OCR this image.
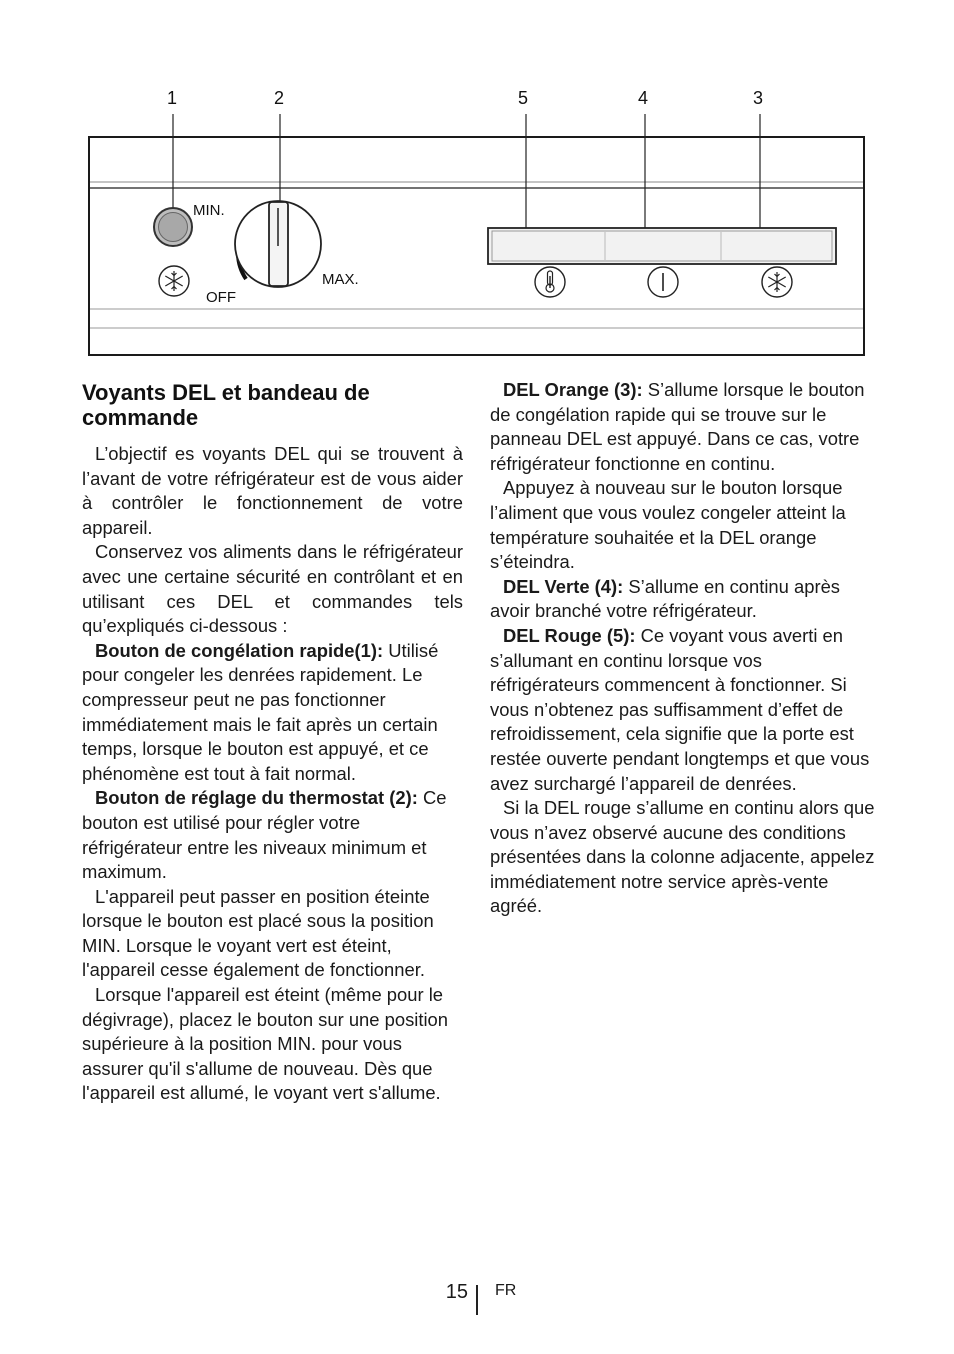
1	2	5	4	3
MIN.
MAX.
OFF
Voyants DEL et bandeau de commande

L’objectif es voyants DEL qui se trouvent à l’avant de votre réfrigérateur est de vous aider à contrôler le fonctionnement de votre appareil.

Conservez vos aliments dans le réfrigérateur avec une certaine sécurité en contrôlant et en utilisant ces DEL et commandes tels qu’expliqués ci-dessous :

Bouton de congélation rapide(1): Utilisé pour congeler les denrées rapidement. Le compresseur peut ne pas fonctionner immédiatement mais le fait après un certain temps, lorsque le bouton est appuyé, et ce phénomène est tout à fait normal.

Bouton de réglage du thermostat (2): Ce bouton est utilisé pour régler votre réfrigérateur entre les niveaux minimum et maximum.

L'appareil peut passer en position éteinte lorsque le bouton est placé sous la position MIN. Lorsque le voyant vert est éteint, l'appareil cesse également de fonctionner.

Lorsque l'appareil est éteint (même pour le dégivrage), placez le bouton sur une position supérieure à la position MIN. pour vous assurer qu'il s'allume de nouveau. Dès que l'appareil est allumé, le voyant vert s'allume.

DEL Orange (3): S’allume lorsque le bouton de congélation rapide qui se trouve sur le panneau DEL est appuyé. Dans ce cas, votre réfrigérateur fonctionne en continu.

Appuyez à nouveau sur le bouton lorsque l’aliment que vous voulez congeler atteint la température souhaitée et la DEL orange s’éteindra.

DEL Verte (4): S’allume en continu après avoir branché votre réfrigérateur.

DEL Rouge (5): Ce voyant vous averti en s’allumant en continu lorsque vos réfrigérateurs commencent à fonctionner. Si vous n’obtenez pas suffisamment d’effet de refroidissement, cela signifie que la porte est restée ouverte pendant longtemps et que vous avez surchargé l’appareil de denrées.

Si la DEL rouge s’allume en continu alors que vous n’avez observé aucune des conditions présentées dans la colonne adjacente, appelez immédiatement notre service après-vente agréé.

15 FR
